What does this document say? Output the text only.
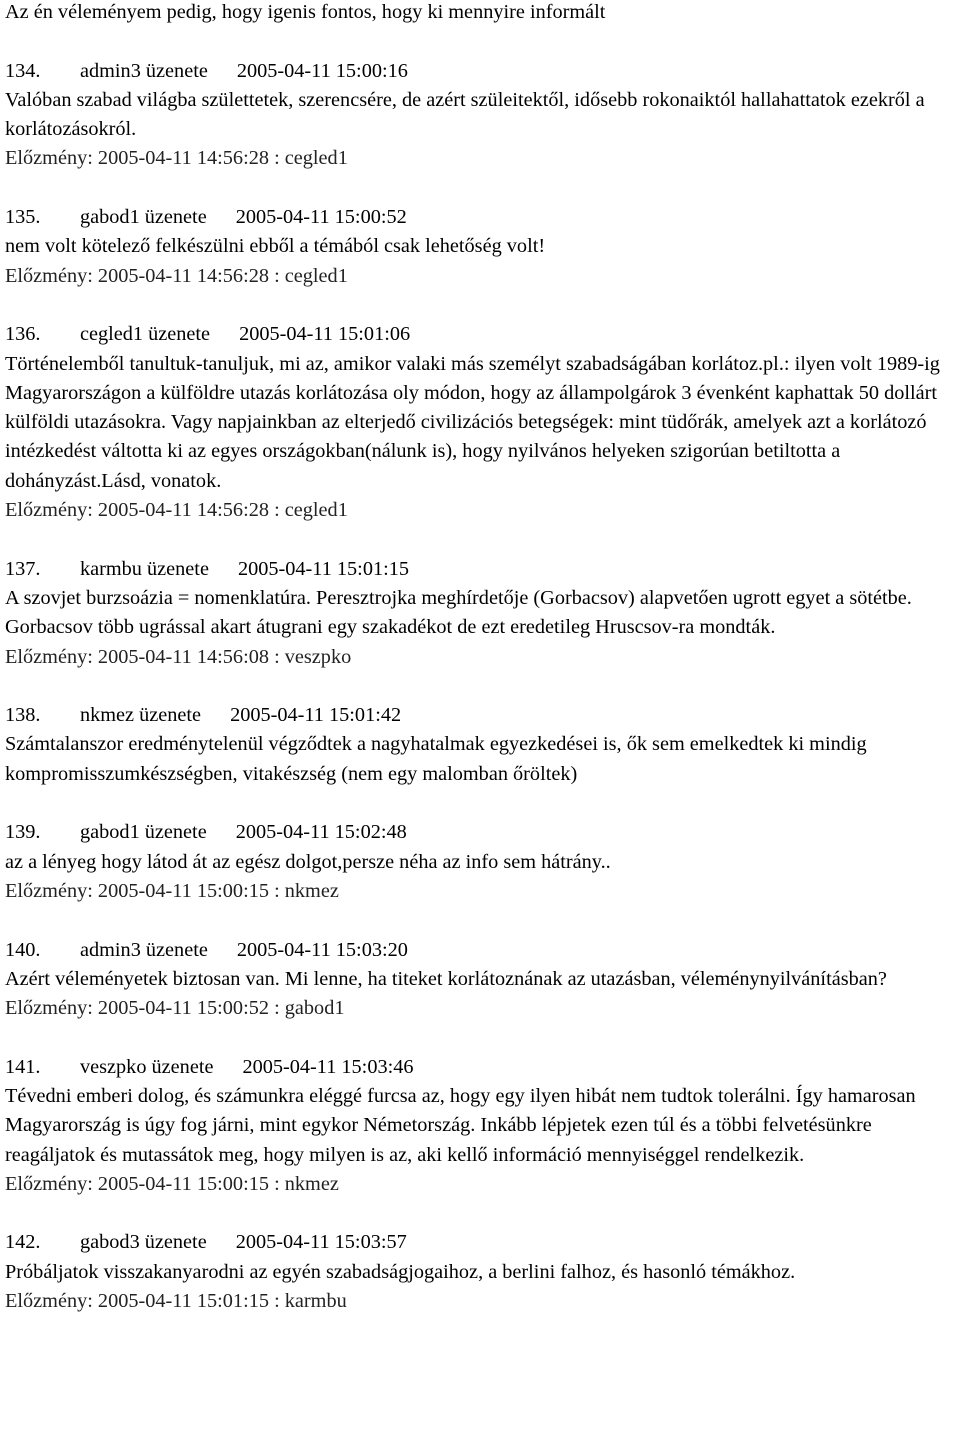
Az én véleményem pedig, hogy igenis fontos, hogy ki mennyire informált

134. admin3 üzenete 2005-04-11 15:00:16

Valóban szabad világba születtetek, szerencsére, de azért szüleitektől, idősebb rokonaiktól hallahattatok ezekről a korlátozásokról.

Előzmény: 2005-04-11 14:56:28 : cegled1

135. gabod1 üzenete 2005-04-11 15:00:52

nem volt kötelező felkészülni ebből a témából csak lehetőség volt!

Előzmény: 2005-04-11 14:56:28 : cegled1

136. cegled1 üzenete 2005-04-11 15:01:06

Történelemből tanultuk-tanuljuk, mi az, amikor valaki más személyt szabadságában korlátoz.pl.: ilyen volt 1989-ig Magyarországon a külföldre utazás korlátozása oly módon, hogy az állampolgárok 3 évenként kaphattak 50 dollárt külföldi utazásokra. Vagy napjainkban az elterjedő civilizációs betegségek: mint tüdőrák, amelyek azt a korlátozó intézkedést váltotta ki az egyes országokban(nálunk is), hogy nyilvános helyeken szigorúan betiltotta a dohányzást.Lásd, vonatok.

Előzmény: 2005-04-11 14:56:28 : cegled1

137. karmbu üzenete 2005-04-11 15:01:15

A szovjet burzsoázia = nomenklatúra. Peresztrojka meghírdetője (Gorbacsov) alapvetően ugrott egyet a sötétbe. Gorbacsov több ugrással akart átugrani egy szakadékot de ezt eredetileg Hruscsov-ra mondták.

Előzmény: 2005-04-11 14:56:08 : veszpko

138. nkmez üzenete 2005-04-11 15:01:42

Számtalanszor eredménytelenül végződtek a nagyhatalmak egyezkedései is, ők sem emelkedtek ki mindig kompromisszumkészségben, vitakészség (nem egy malomban őröltek)

139. gabod1 üzenete 2005-04-11 15:02:48

az a lényeg hogy látod át az egész dolgot,persze néha az info sem hátrány..

Előzmény: 2005-04-11 15:00:15 : nkmez

140. admin3 üzenete 2005-04-11 15:03:20

Azért véleményetek biztosan van. Mi lenne, ha titeket korlátoznának az utazásban, véleménynyilvánításban?

Előzmény: 2005-04-11 15:00:52 : gabod1

141. veszpko üzenete 2005-04-11 15:03:46

Tévedni emberi dolog, és számunkra eléggé furcsa az, hogy egy ilyen hibát nem tudtok tolerálni. Így hamarosan Magyarország is úgy fog járni, mint egykor Németország. Inkább lépjetek ezen túl és a többi felvetésünkre reagáljatok és mutassátok meg, hogy milyen is az, aki kellő információ mennyiséggel rendelkezik.

Előzmény: 2005-04-11 15:00:15 : nkmez

142. gabod3 üzenete 2005-04-11 15:03:57

Próbáljatok visszakanyarodni az egyén szabadságjogaihoz, a berlini falhoz, és hasonló témákhoz.

Előzmény: 2005-04-11 15:01:15 : karmbu
